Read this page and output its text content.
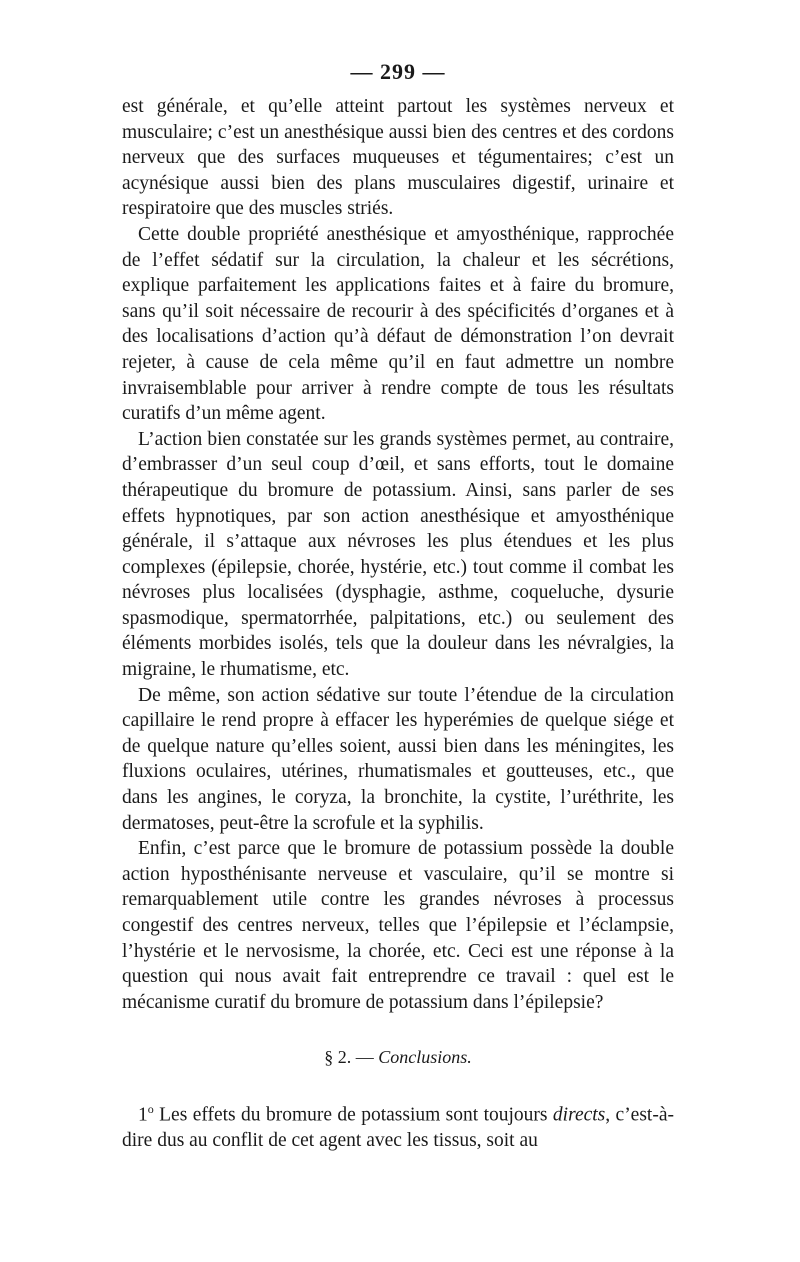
— 299 —

est générale, et qu’elle atteint partout les systèmes nerveux et musculaire; c’est un anesthésique aussi bien des centres et des cordons nerveux que des surfaces muqueuses et tégumentaires; c’est un acynésique aussi bien des plans musculaires digestif, urinaire et respiratoire que des muscles striés.

Cette double propriété anesthésique et amyosthénique, rapprochée de l’effet sédatif sur la circulation, la chaleur et les sécrétions, explique parfaitement les applications faites et à faire du bromure, sans qu’il soit nécessaire de recourir à des spécificités d’organes et à des localisations d’action qu’à défaut de démonstration l’on devrait rejeter, à cause de cela même qu’il en faut admettre un nombre invraisemblable pour arriver à rendre compte de tous les résultats curatifs d’un même agent.

L’action bien constatée sur les grands systèmes permet, au contraire, d’embrasser d’un seul coup d’œil, et sans efforts, tout le domaine thérapeutique du bromure de potassium. Ainsi, sans parler de ses effets hypnotiques, par son action anesthésique et amyosthénique générale, il s’attaque aux névroses les plus étendues et les plus complexes (épilepsie, chorée, hystérie, etc.) tout comme il combat les névroses plus localisées (dysphagie, asthme, coqueluche, dysurie spasmodique, spermatorrhée, palpitations, etc.) ou seulement des éléments morbides isolés, tels que la douleur dans les névralgies, la migraine, le rhumatisme, etc.

De même, son action sédative sur toute l’étendue de la circulation capillaire le rend propre à effacer les hyperémies de quelque siége et de quelque nature qu’elles soient, aussi bien dans les méningites, les fluxions oculaires, utérines, rhumatismales et goutteuses, etc., que dans les angines, le coryza, la bronchite, la cystite, l’uréthrite, les dermatoses, peut-être la scrofule et la syphilis.

Enfin, c’est parce que le bromure de potassium possède la double action hyposthénisante nerveuse et vasculaire, qu’il se montre si remarquablement utile contre les grandes névroses à processus congestif des centres nerveux, telles que l’épilepsie et l’éclampsie, l’hystérie et le nervosisme, la chorée, etc. Ceci est une réponse à la question qui nous avait fait entreprendre ce travail : quel est le mécanisme curatif du bromure de potassium dans l’épilepsie?

§ 2. — Conclusions.

1$^o$ Les effets du bromure de potassium sont toujours directs, c’est-à-dire dus au conflit de cet agent avec les tissus, soit au
